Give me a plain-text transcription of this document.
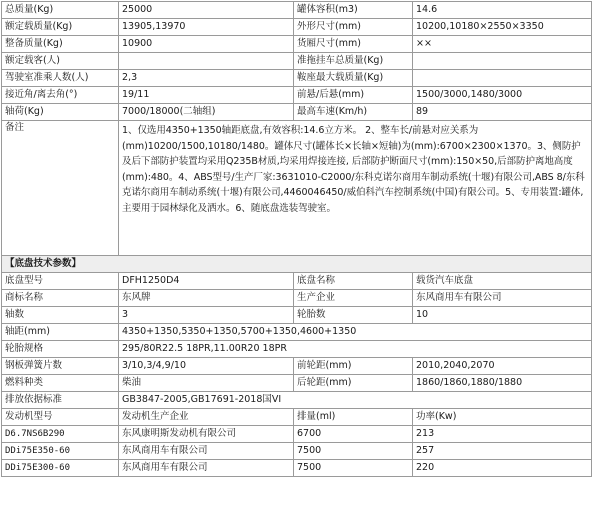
总质量(Kg)	25000	罐体容积(m3)	14.6
额定载质量(Kg)	13905,13970	外形尺寸(mm)	10200,10180×2550×3350
整备质量(Kg)	10900	货厢尺寸(mm)	××
额定载客(人)		准拖挂车总质量(Kg)	
驾驶室准乘人数(人)	2,3	鞍座最大载质量(Kg)	
接近角/离去角(°)	19/11	前悬/后悬(mm)	1500/3000,1480/3000
轴荷(Kg)	7000/18000(二轴组)	最高车速(Km/h)	89
备注	1、仅选用4350+1350轴距底盘,有效容积:14.6立方米。 2、整车长/前悬对应关系为(mm)10200/1500,10180/1480。罐体尺寸(罐体长×长轴×短轴)为(mm):6700×2300×1370。3、侧防护及后下部防护装置均采用Q235B材质,均采用焊接连接, 后部防护断面尺寸(mm):150×50,后部防护离地高度(mm):480。4、ABS型号/生产厂家:3631010-C2000/东科克诺尔商用车制动系统(十堰)有限公司,ABS 8/东科克诺尔商用车制动系统(十堰)有限公司,4460046450/威伯科汽车控制系统(中国)有限公司。5、专用装置:罐体,主要用于园林绿化及洒水。6、随底盘选装驾驶室。		
【底盘技术参数】			
底盘型号	DFH1250D4	底盘名称	载货汽车底盘
商标名称	东风牌	生产企业	东风商用车有限公司
轴数	3	轮胎数	10
轴距(mm)	4350+1350,5350+1350,5700+1350,4600+1350		
轮胎规格	295/80R22.5 18PR,11.00R20 18PR		
钢板弹簧片数	3/10,3/4,9/10	前轮距(mm)	2010,2040,2070
燃料种类	柴油	后轮距(mm)	1860/1860,1880/1880
排放依据标准	GB3847-2005,GB17691-2018国VI		
发动机型号	发动机生产企业	排量(ml)	功率(Kw)
D6.7NS6B290	东风康明斯发动机有限公司	6700	213
DDi75E350-60	东风商用车有限公司	7500	257
DDi75E300-60	东风商用车有限公司	7500	220
